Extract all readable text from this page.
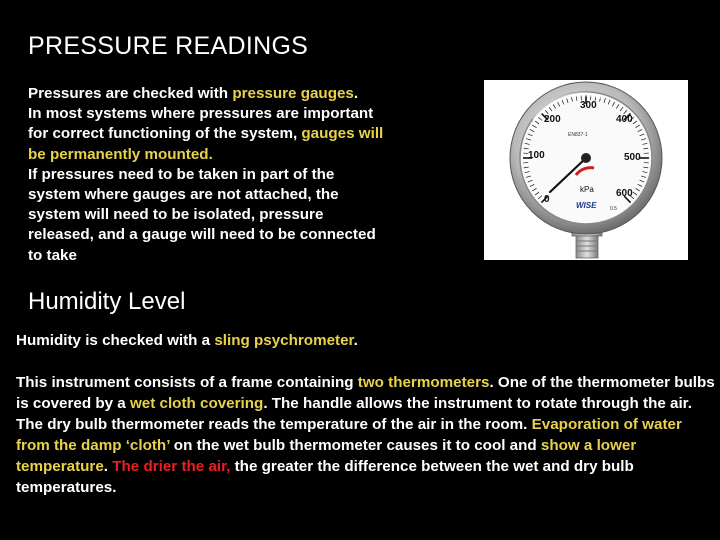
PRESSURE READINGS

Pressures are checked with pressure gauges.
In most systems where pressures are important for correct functioning of the system, gauges will be permanently mounted.
If pressures need to be taken in part of the system where gauges are not attached, the system will need to be isolated, pressure released, and a gauge will need to be connected to take

0
100
200
300
400
500
600
EN837-1
kPa
WISE	0.5
Humidity Level

Humidity is checked with a sling psychrometer.

This instrument consists of a frame containing two thermometers. One of the thermometer bulbs is covered by a wet cloth covering. The handle allows the instrument to rotate through the air.
The dry bulb thermometer reads the temperature of the air in the room. Evaporation of water from the damp ‘cloth’ on the wet bulb thermometer causes it to cool and show a lower temperature. The drier the air, the greater the difference between the wet and dry bulb temperatures.
